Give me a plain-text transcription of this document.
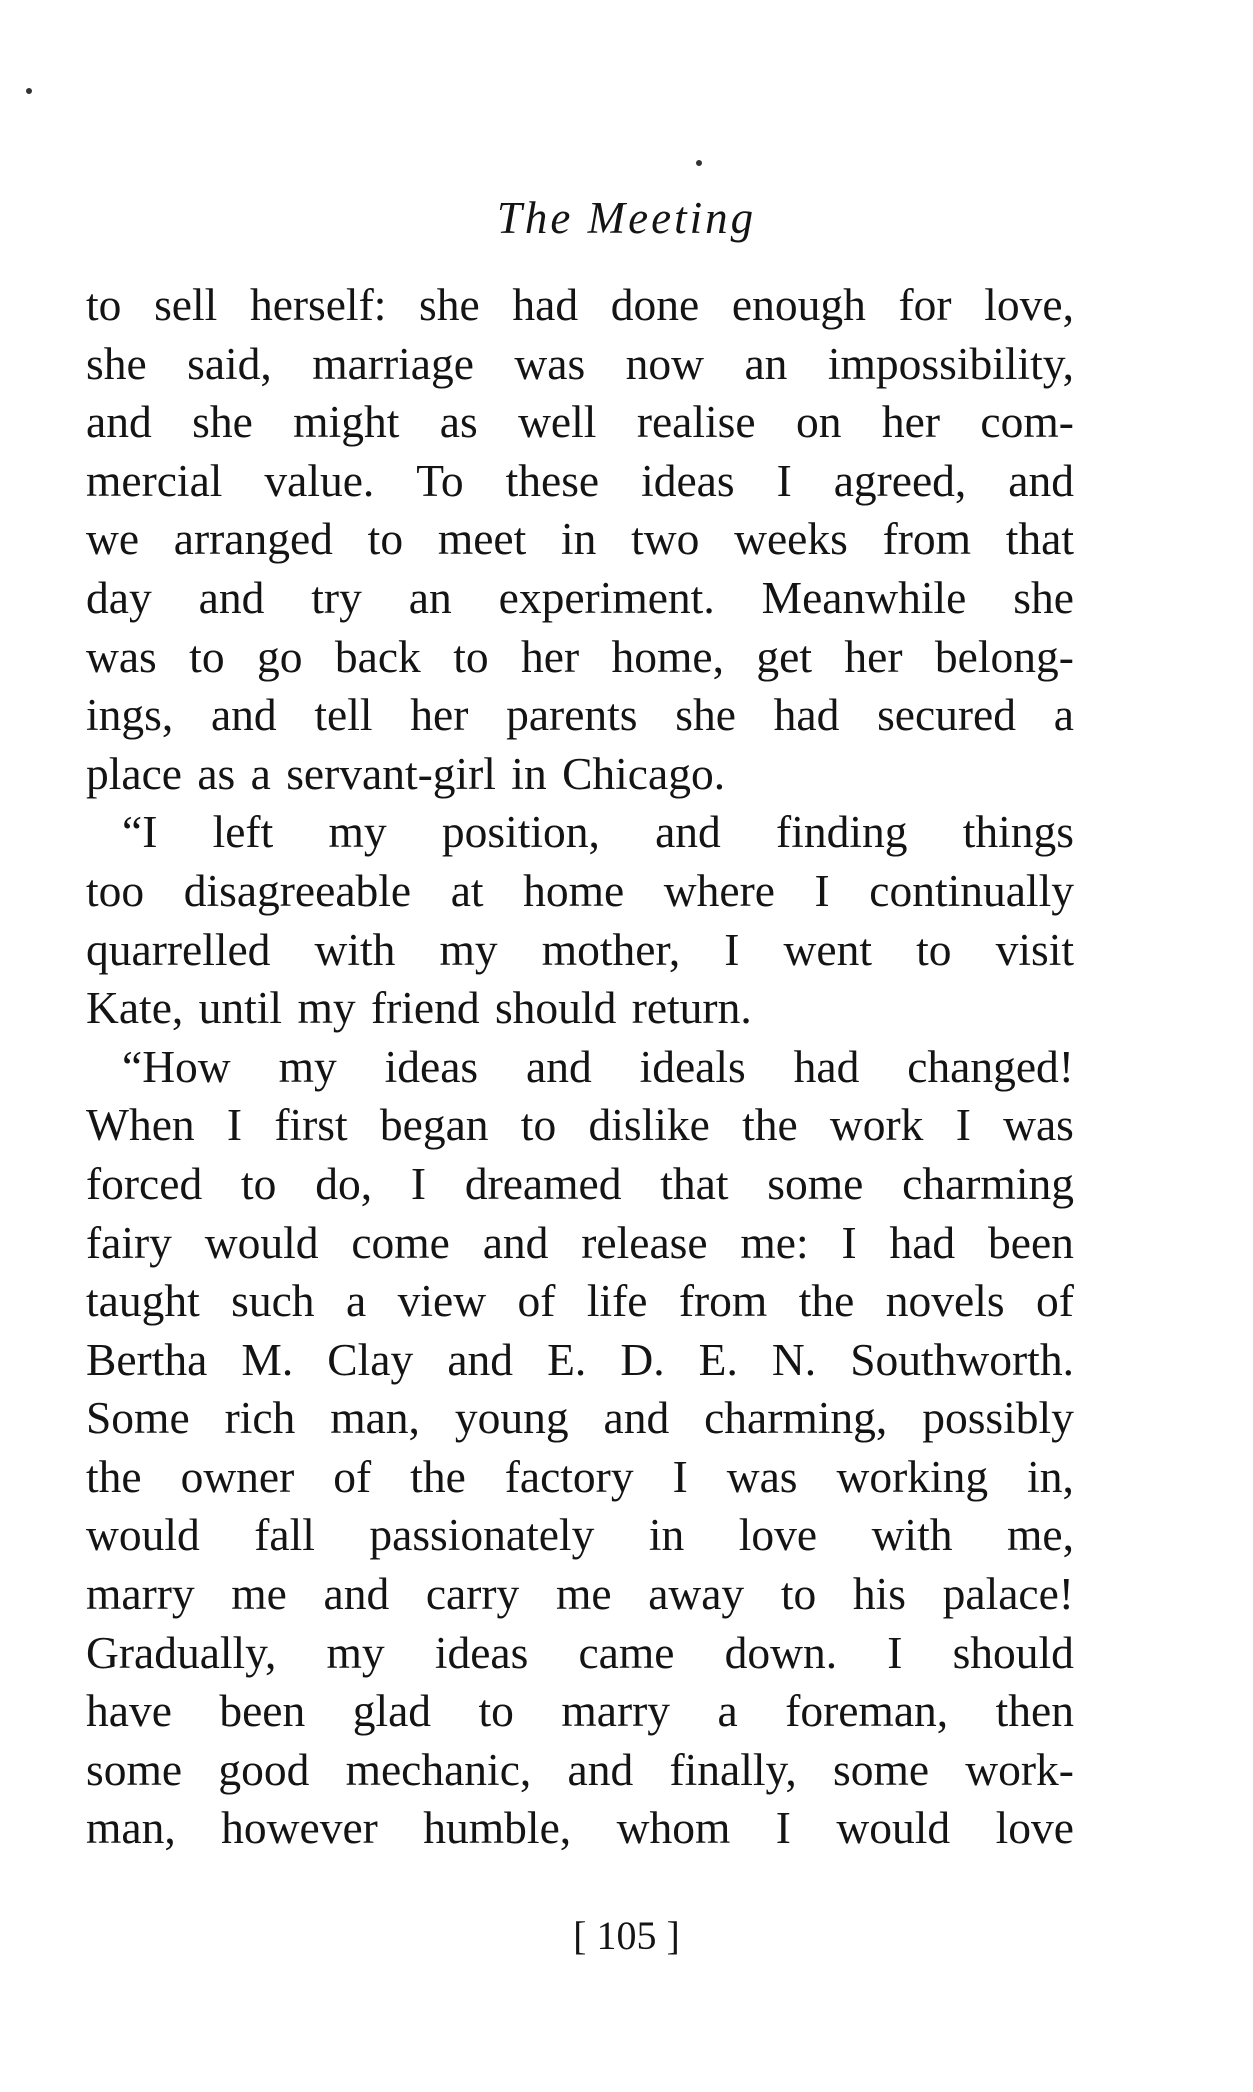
The Meeting
to sell herself: she had done enough for love,
she said, marriage was now an impossibility,
and she might as well realise on her com-
mercial value. To these ideas I agreed, and
we arranged to meet in two weeks from that
day and try an experiment. Meanwhile she
was to go back to her home, get her belong-
ings, and tell her parents she had secured a
place as a servant-girl in Chicago.
“I left my position, and finding things
too disagreeable at home where I continually
quarrelled with my mother, I went to visit
Kate, until my friend should return.
“How my ideas and ideals had changed!
When I first began to dislike the work I was
forced to do, I dreamed that some charming
fairy would come and release me: I had been
taught such a view of life from the novels of
Bertha M. Clay and E. D. E. N. Southworth.
Some rich man, young and charming, possibly
the owner of the factory I was working in,
would fall passionately in love with me,
marry me and carry me away to his palace!
Gradually, my ideas came down. I should
have been glad to marry a foreman, then
some good mechanic, and finally, some work-
man, however humble, whom I would love
[ 105 ]
